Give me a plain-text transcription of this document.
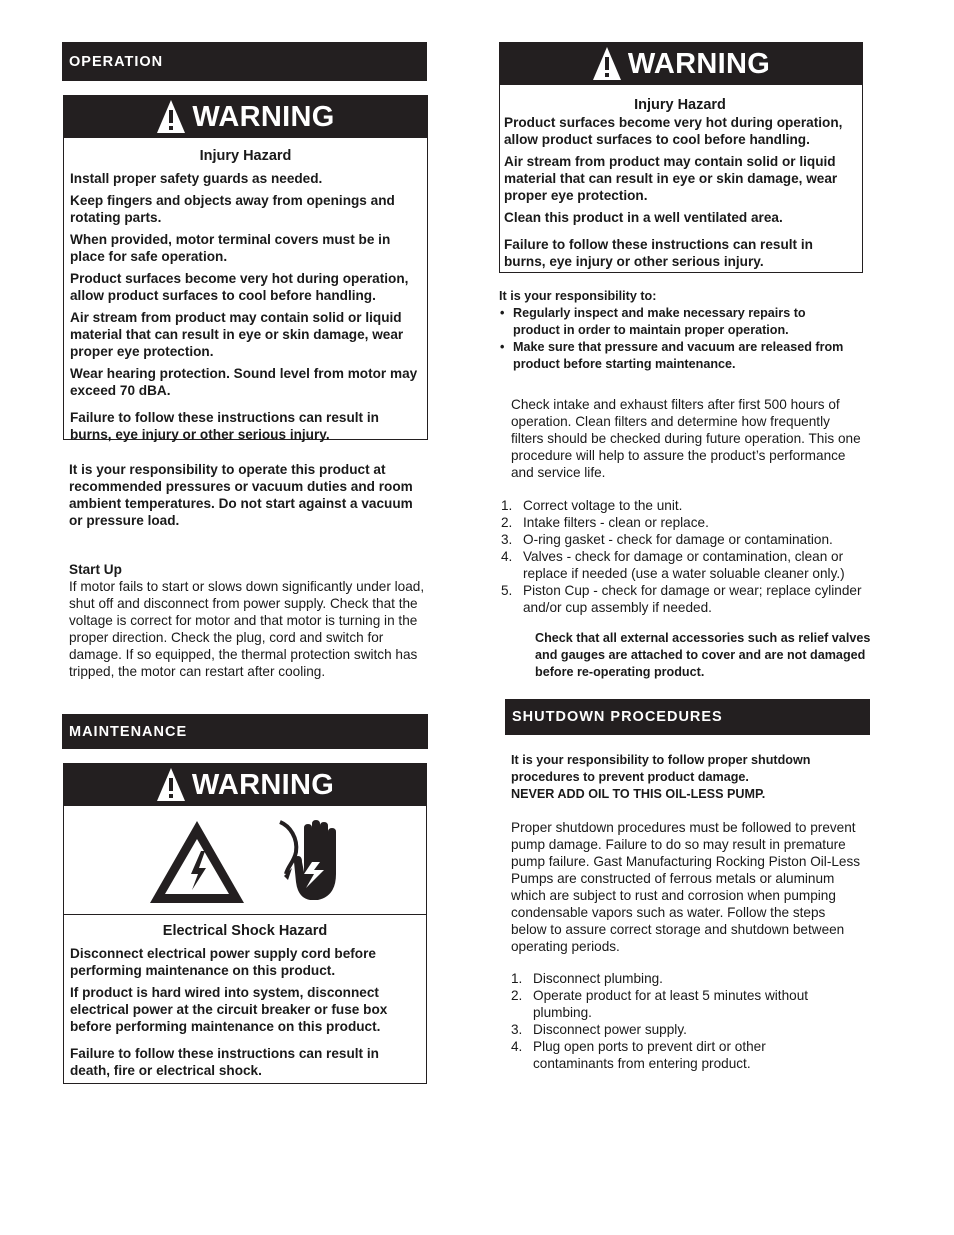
OPERATION
WARNING
Injury Hazard

Install proper safety guards as needed.

Keep fingers and objects away from openings and rotating parts.

When provided, motor terminal covers must be in place for safe operation.

Product surfaces become very hot during operation, allow product surfaces to cool before handling.

Air stream from product may contain solid or liquid material that can result in eye or skin damage, wear proper eye protection.

Wear hearing protection. Sound level from motor may exceed 70 dBA.

Failure to follow these instructions can result in burns, eye injury or other serious injury.

It is your responsibility to operate this product at recommended pressures or vacuum duties and room ambient temperatures. Do not start against a vacuum or pressure load.
Start Up
If motor fails to start or slows down significantly under load, shut off and disconnect from power supply. Check that the voltage is correct for motor and that motor is turning in the proper direction. Check the plug, cord and switch for damage. If so equipped, the thermal protection switch has tripped, the motor can restart after cooling.
MAINTENANCE
WARNING
Electrical Shock Hazard

Disconnect electrical power supply cord before performing maintenance on this product.

If product is hard wired into system, disconnect electrical power at the circuit breaker or fuse box before performing maintenance on this product.

Failure to follow these instructions can result in death, fire or electrical shock.

WARNING
Injury Hazard

Product surfaces become very hot during operation, allow product surfaces to cool before handling.

Air stream from product may contain solid or liquid material that can result in eye or skin damage, wear proper eye protection.

Clean this product in a well ventilated area.

Failure to follow these instructions can result in burns, eye injury or other serious injury.

It is your responsibility to:
• Regularly inspect and make necessary repairs to product in order to maintain proper operation.
• Make sure that pressure and vacuum are released from product before starting maintenance.
Check intake and exhaust filters after first 500 hours of operation. Clean filters and determine how frequently filters should be checked during future operation. This one procedure will help to assure the product’s performance and service life.
1. Correct voltage to the unit.
2. Intake filters - clean or replace.
3. O-ring gasket - check for damage or contamination.
4. Valves - check for damage or contamination, clean or replace if needed (use a water soluable cleaner only.)
5. Piston Cup - check for damage or wear; replace cylinder and/or cup assembly if needed.
Check that all external accessories such as relief valves and gauges are attached to cover and are not damaged before re-operating product.
SHUTDOWN PROCEDURES
It is your responsibility to follow proper shutdown procedures to prevent product damage.
NEVER ADD OIL TO THIS OIL-LESS PUMP.
Proper shutdown procedures must be followed to prevent pump damage. Failure to do so may result in premature pump failure. Gast Manufacturing Rocking Piston Oil-Less Pumps are constructed of ferrous metals or aluminum which are subject to rust and corrosion when pumping condensable vapors such as water. Follow the steps below to assure correct storage and shutdown between operating periods.
1. Disconnect plumbing.
2. Operate product for at least 5 minutes without plumbing.
3. Disconnect power supply.
4. Plug open ports to prevent dirt or other contaminants from entering product.
